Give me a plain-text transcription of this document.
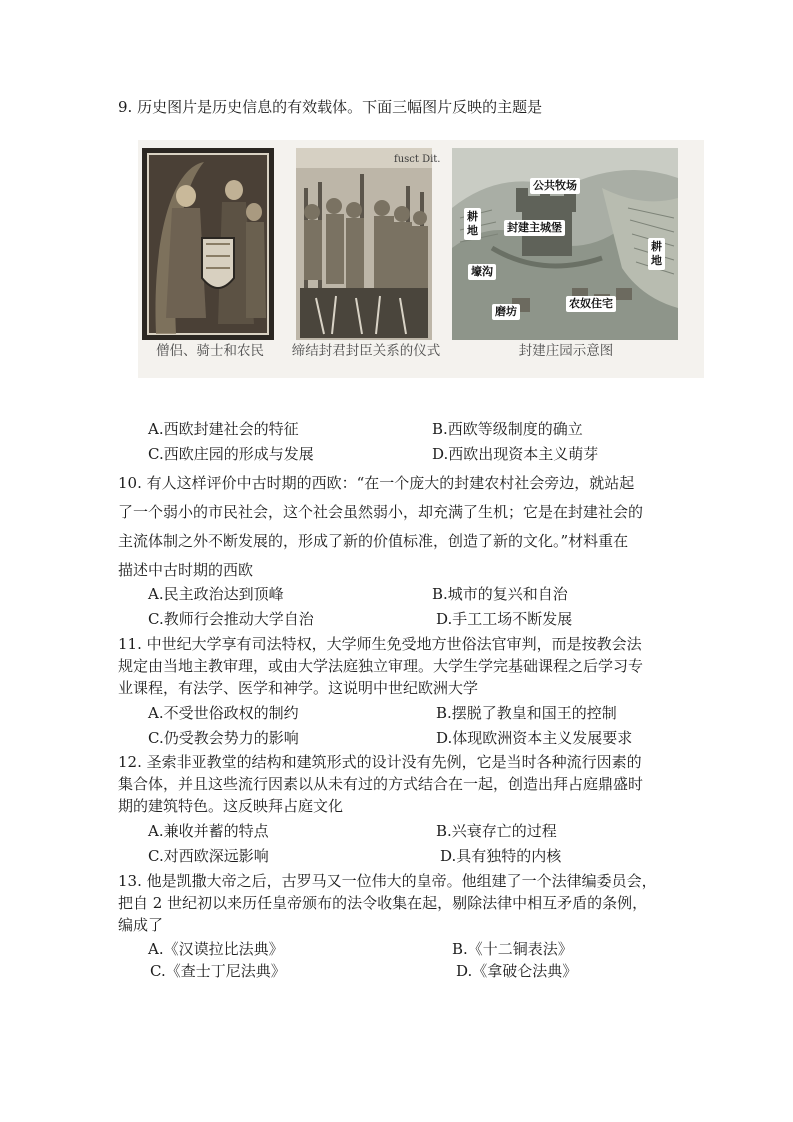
9. 历史图片是历史信息的有效载体。下面三幅图片反映的主题是
fusct Dit.
公共牧场
耕地	封建主城堡
耕地
壕沟
磨坊
农奴住宅
僧侣、骑士和农民	缔结封君封臣关系的仪式	封建庄园示意图
A.西欧封建社会的特征	B.西欧等级制度的确立
C.西欧庄园的形成与发展	D.西欧出现资本主义萌芽
10. 有人这样评价中古时期的西欧：“在一个庞大的封建农村社会旁边，就站起
了一个弱小的市民社会，这个社会虽然弱小，却充满了生机；它是在封建社会的
主流体制之外不断发展的，形成了新的价值标准，创造了新的文化。”材料重在
描述中古时期的西欧
A.民主政治达到顶峰	B.城市的复兴和自治
C.教师行会推动大学自治	D.手工工场不断发展
11. 中世纪大学享有司法特权，大学师生免受地方世俗法官审判，而是按教会法
规定由当地主教审理，或由大学法庭独立审理。大学生学完基础课程之后学习专
业课程，有法学、医学和神学。这说明中世纪欧洲大学
A.不受世俗政权的制约	B.摆脱了教皇和国王的控制
C.仍受教会势力的影响	D.体现欧洲资本主义发展要求
12. 圣索非亚教堂的结构和建筑形式的设计没有先例，它是当时各种流行因素的
集合体，并且这些流行因素以从未有过的方式结合在一起，创造出拜占庭鼎盛时
期的建筑特色。这反映拜占庭文化
A.兼收并蓄的特点	B.兴衰存亡的过程
C.对西欧深远影响	D.具有独特的内核
13. 他是凯撒大帝之后，古罗马又一位伟大的皇帝。他组建了一个法律编委员会，
把自 2 世纪初以来历任皇帝颁布的法令收集在起，剔除法律中相互矛盾的条例，
编成了
A.《汉谟拉比法典》	B.《十二铜表法》
C.《查士丁尼法典》	D.《拿破仑法典》
